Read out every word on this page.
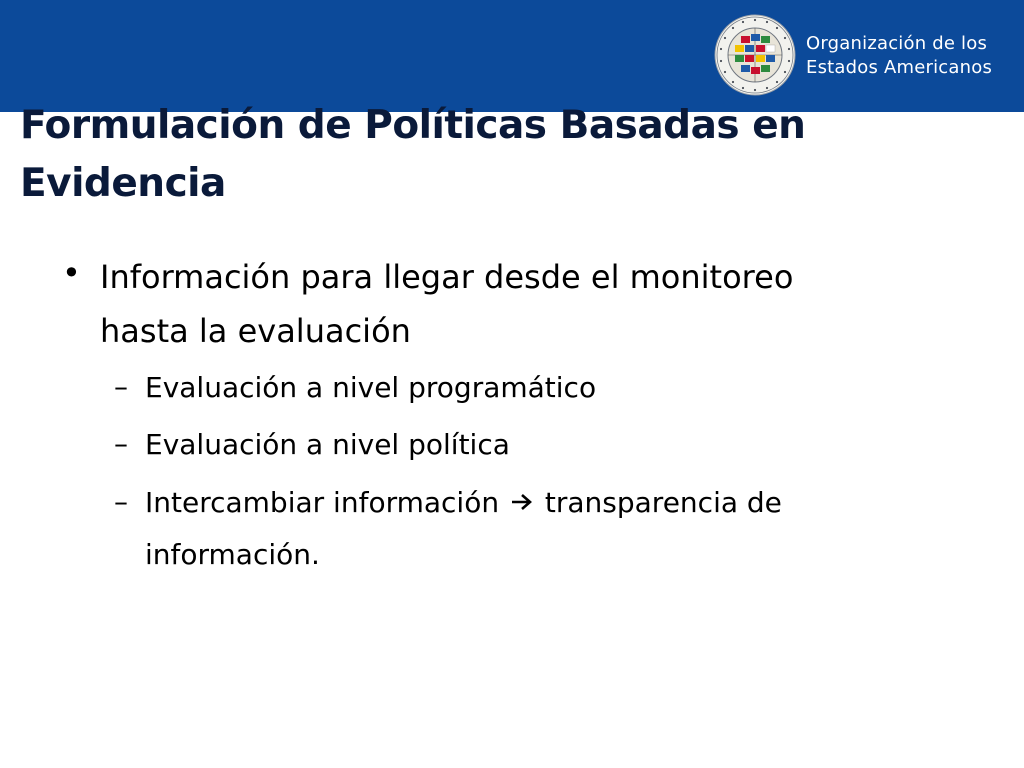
Organización de los
Estados Americanos
Formulación de Políticas Basadas en
Evidencia
• Información para llegar desde el monitoreo
hasta la evaluación
– Evaluación a nivel programático
– Evaluación a nivel política
– Intercambiar información transparencia de
información.
